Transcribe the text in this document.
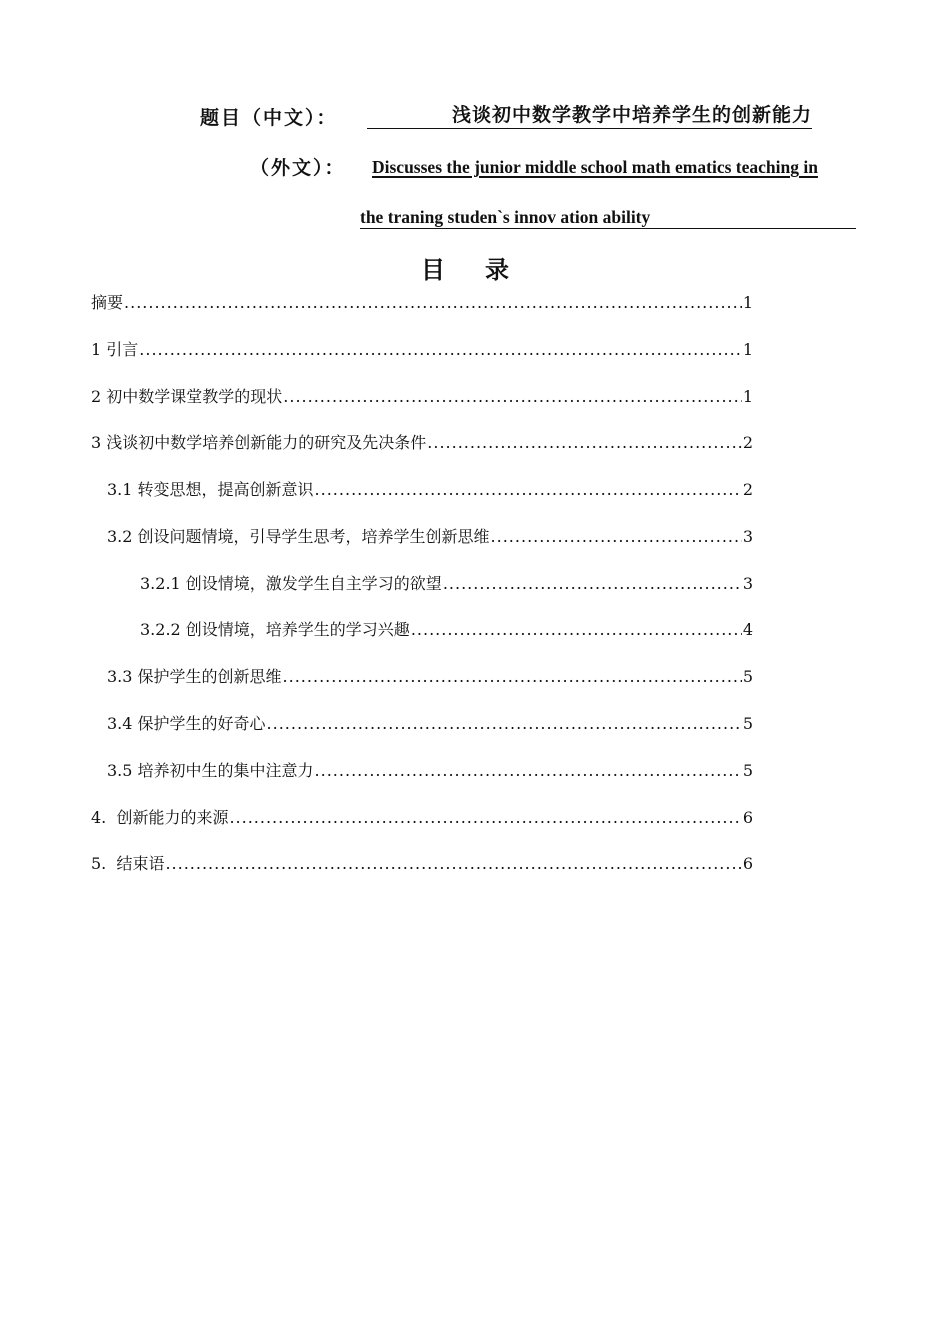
题目（中文）：	浅谈初中数学教学中培养学生的创新能力
（外文）： Discusses the junior middle school math ematics teaching in
the traning studen`s innov ation ability
目录
摘要 .....	1
1 引言 .....	1
2 初中数学课堂教学的现状 .....	1
3 浅谈初中数学培养创新能力的研究及先决条件 .....	2
3.1 转变思想，提高创新意识 .....	2
3.2 创设问题情境，引导学生思考，培养学生创新思维 .....	3
3.2.1 创设情境，激发学生自主学习的欲望 .....	3
3.2.2 创设情境，培养学生的学习兴趣 .....	4
3.3 保护学生的创新思维 .....	5
3.4 保护学生的好奇心 .....	5
3.5 培养初中生的集中注意力 .....	5
4.  创新能力的来源 .....	6
5.  结束语 .....	6
